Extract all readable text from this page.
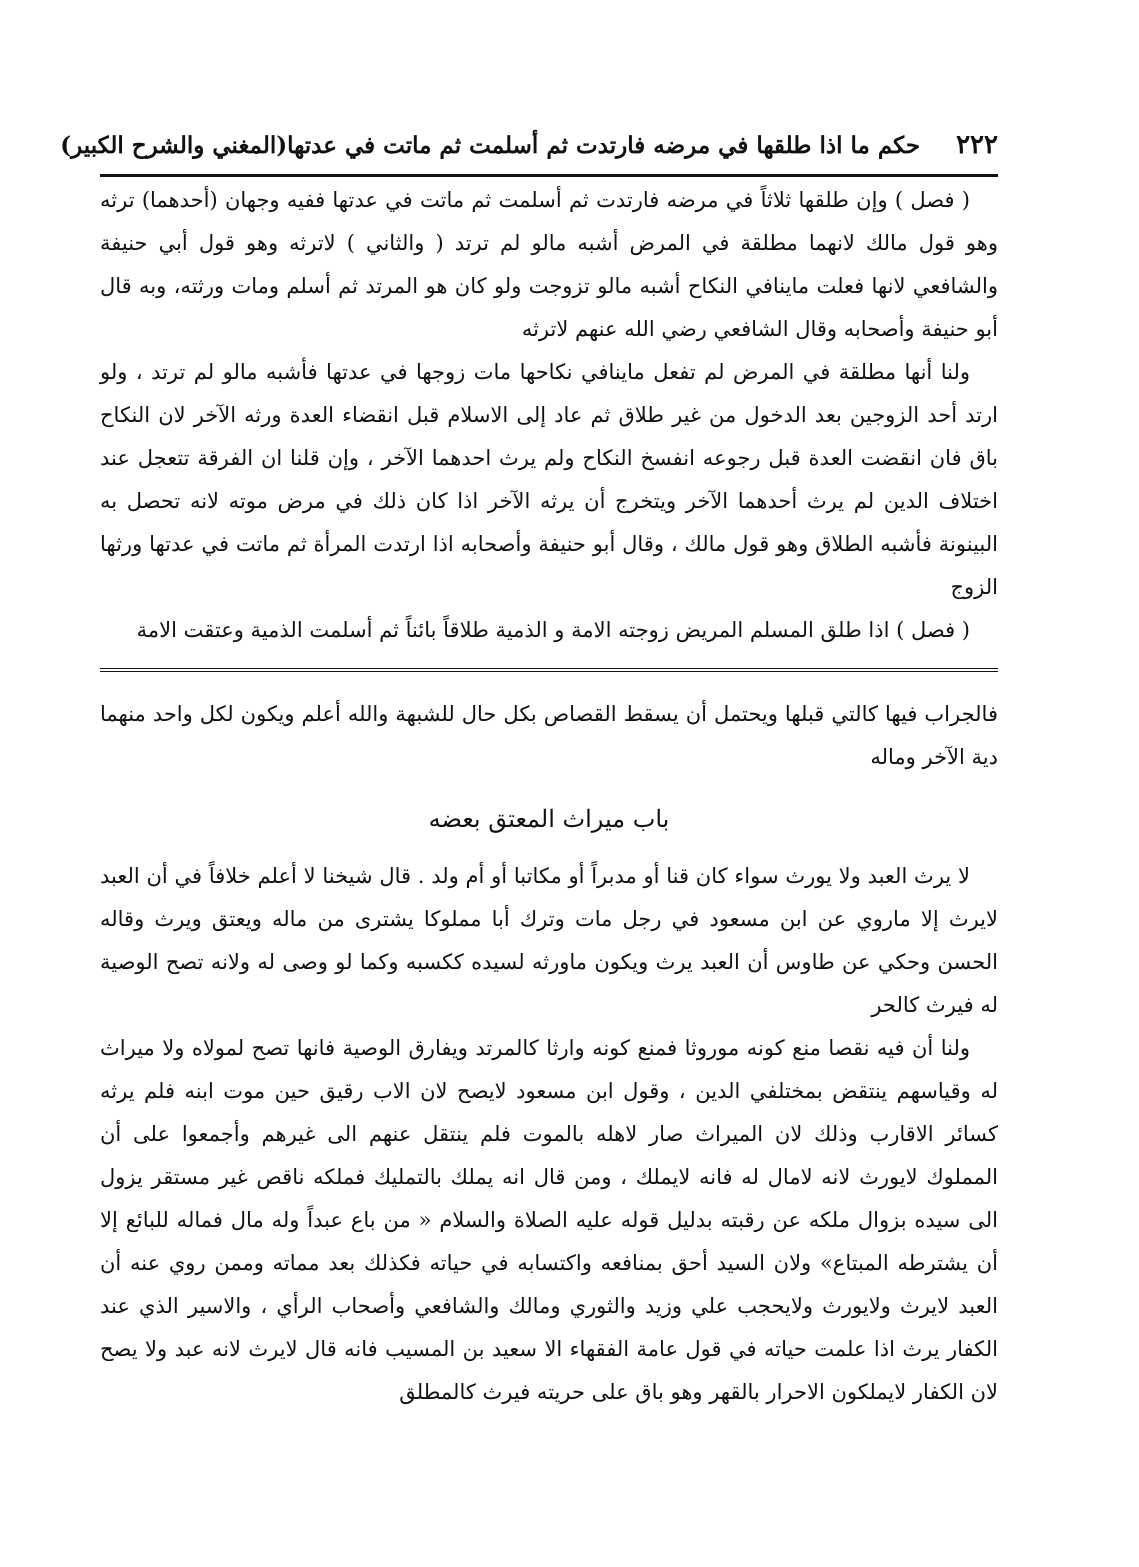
٢٢٢
حكم ما اذا طلقها في مرضه فارتدت ثم أسلمت ثم ماتت في عدتها
(المغني والشرح الكبير)

( فصل ) وإن طلقها ثلاثاً في مرضه فارتدت ثم أسلمت ثم ماتت في عدتها ففيه وجهان (أحدهما) ترثه وهو قول مالك لانهما مطلقة في المرض أشبه مالو لم ترتد ( والثاني ) لاترثه وهو قول أبي حنيفة والشافعي لانها فعلت ماينافي النكاح أشبه مالو تزوجت ولو كان هو المرتد ثم أسلم ومات ورثته، وبه قال أبو حنيفة وأصحابه وقال الشافعي رضي الله عنهم لاترثه

ولنا أنها مطلقة في المرض لم تفعل ماينافي نكاحها مات زوجها في عدتها فأشبه مالو لم ترتد ، ولو ارتد أحد الزوجين بعد الدخول من غير طلاق ثم عاد إلى الاسلام قبل انقضاء العدة ورثه الآخر لان النكاح باق فان انقضت العدة قبل رجوعه انفسخ النكاح ولم يرث احدهما الآخر ، وإن قلنا ان الفرقة تتعجل عند اختلاف الدين لم يرث أحدهما الآخر ويتخرج أن يرثه الآخر اذا كان ذلك في مرض موته لانه تحصل به البينونة فأشبه الطلاق وهو قول مالك ، وقال أبو حنيفة وأصحابه اذا ارتدت المرأة ثم ماتت في عدتها ورثها الزوج

( فصل ) اذا طلق المسلم المريض زوجته الامة و الذمية طلاقاً بائناً ثم أسلمت الذمية وعتقت الامة

فالجراب فيها كالتي قبلها ويحتمل أن يسقط القصاص بكل حال للشبهة والله أعلم ويكون لكل واحد منهما دية الآخر وماله

باب ميراث المعتق بعضه

لا يرث العبد ولا يورث سواء كان قنا أو مدبراً أو مكاتبا أو أم ولد . قال شيخنا لا أعلم خلافاً في أن العبد لايرث إلا ماروي عن ابن مسعود في رجل مات وترك أبا مملوكا يشترى من ماله ويعتق ويرث وقاله الحسن وحكي عن طاوس أن العبد يرث ويكون ماورثه لسيده ككسبه وكما لو وصى له ولانه تصح الوصية له فيرث كالحر

ولنا أن فيه نقصا منع كونه موروثا فمنع كونه وارثا كالمرتد ويفارق الوصية فانها تصح لمولاه ولا ميراث له وقياسهم ينتقض بمختلفي الدين ، وقول ابن مسعود لايصح لان الاب رقيق حين موت ابنه فلم يرثه كسائر الاقارب وذلك لان الميراث صار لاهله بالموت فلم ينتقل عنهم الى غيرهم وأجمعوا على أن المملوك لايورث لانه لامال له فانه لايملك ، ومن قال انه يملك بالتمليك فملكه ناقص غير مستقر يزول الى سيده بزوال ملكه عن رقبته بدليل قوله عليه الصلاة والسلام « من باع عبداً وله مال فماله للبائع إلا أن يشترطه المبتاع» ولان السيد أحق بمنافعه واكتسابه في حياته فكذلك بعد مماته وممن روي عنه أن العبد لايرث ولايورث ولايحجب علي وزيد والثوري ومالك والشافعي وأصحاب الرأي ، والاسير الذي عند الكفار يرث اذا علمت حياته في قول عامة الفقهاء الا سعيد بن المسيب فانه قال لايرث لانه عبد ولا يصح لان الكفار لايملكون الاحرار بالقهر وهو باق على حريته فيرث كالمطلق
